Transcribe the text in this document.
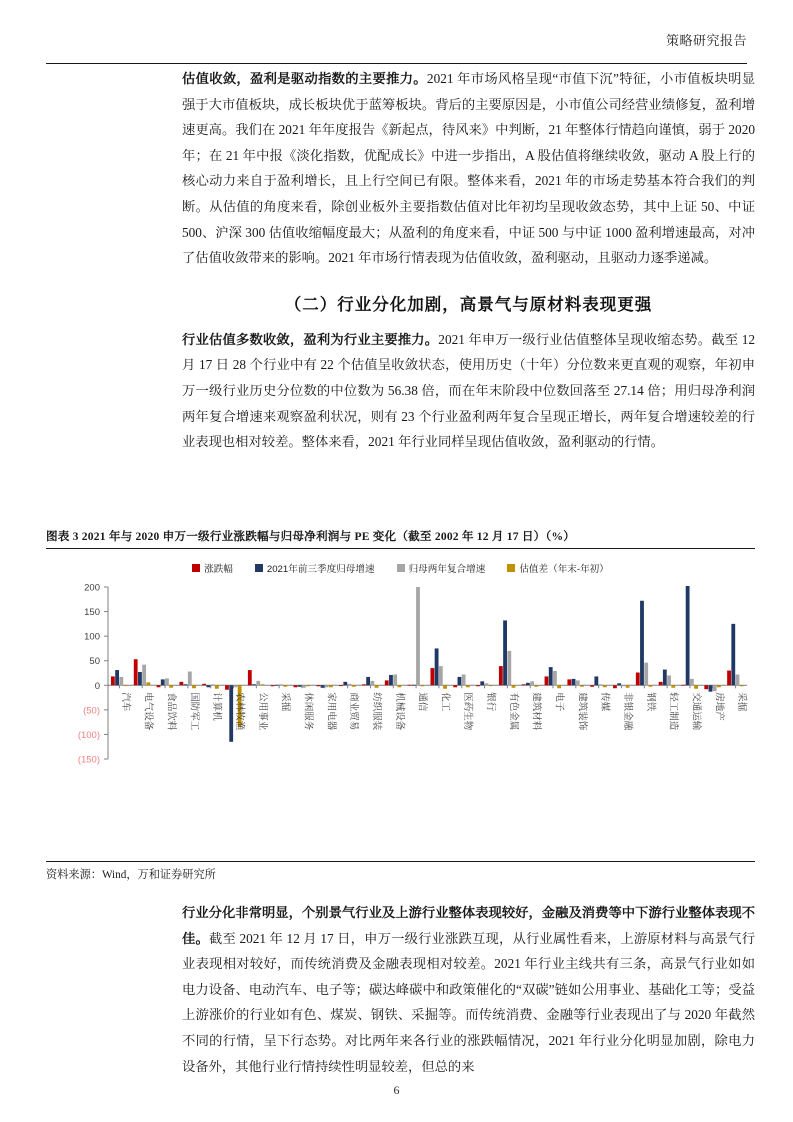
策略研究报告

估值收敛，盈利是驱动指数的主要推力。2021 年市场风格呈现“市值下沉”特征，小市值板块明显强于大市值板块，成长板块优于蓝筹板块。背后的主要原因是，小市值公司经营业绩修复，盈利增速更高。我们在 2021 年年度报告《新起点，待风来》中判断，21 年整体行情趋向谨慎，弱于 2020 年；在 21 年中报《淡化指数，优配成长》中进一步指出，A 股估值将继续收敛，驱动 A 股上行的核心动力来自于盈利增长，且上行空间已有限。整体来看，2021 年的市场走势基本符合我们的判断。从估值的角度来看，除创业板外主要指数估值对比年初均呈现收敛态势，其中上证 50、中证 500、沪深 300 估值收缩幅度最大；从盈利的角度来看，中证 500 与中证 1000 盈利增速最高，对冲了估值收敛带来的影响。2021 年市场行情表现为估值收敛，盈利驱动，且驱动力逐季递减。

（二）行业分化加剧，高景气与原材料表现更强

行业估值多数收敛，盈利为行业主要推力。2021 年申万一级行业估值整体呈现收缩态势。截至 12 月 17 日 28 个行业中有 22 个估值呈收敛状态，使用历史（十年）分位数来更直观的观察，年初申万一级行业历史分位数的中位数为 56.38 倍，而在年末阶段中位数回落至 27.14 倍；用归母净利润两年复合增速来观察盈利状况，则有 23 个行业盈利两年复合呈现正增长，两年复合增速较差的行业表现也相对较差。整体来看，2021 年行业同样呈现估值收敛，盈利驱动的行情。

图表 3 2021 年与 2020 申万一级行业涨跌幅与归母净利润与 PE 变化（截至 2002 年 12 月 17 日）（%）
涨跌幅	2021年前三季度归母增速	归母两年复合增速	估值差（年末-年初）
200
150
100
50
0
(50)
(100)
(150)
汽车 电气设备 食品饮料 国防军工 计算机 农林牧渔 公用事业 采掘 休闲服务 家用电器 商业贸易 纺织服装 机械设备 通信 化工 医药生物 银行 有色金属 建筑材料 电子 建筑装饰 传媒 非银金融 钢铁 轻工制造 交通运输 房地产 采掘
资料来源：Wind，万和证券研究所

行业分化非常明显，个别景气行业及上游行业整体表现较好，金融及消费等中下游行业整体表现不佳。截至 2021 年 12 月 17 日，申万一级行业涨跌互现，从行业属性看来，上游原材料与高景气行业表现相对较好，而传统消费及金融表现相对较差。2021 年行业主线共有三条，高景气行业如如电力设备、电动汽车、电子等；碳达峰碳中和政策催化的“双碳”链如公用事业、基础化工等；受益上游涨价的行业如有色、煤炭、钢铁、采掘等。而传统消费、金融等行业表现出了与 2020 年截然不同的行情，呈下行态势。对比两年来各行业的涨跌幅情况，2021 年行业分化明显加剧，除电力设备外，其他行业行情持续性明显较差，但总的来

6
